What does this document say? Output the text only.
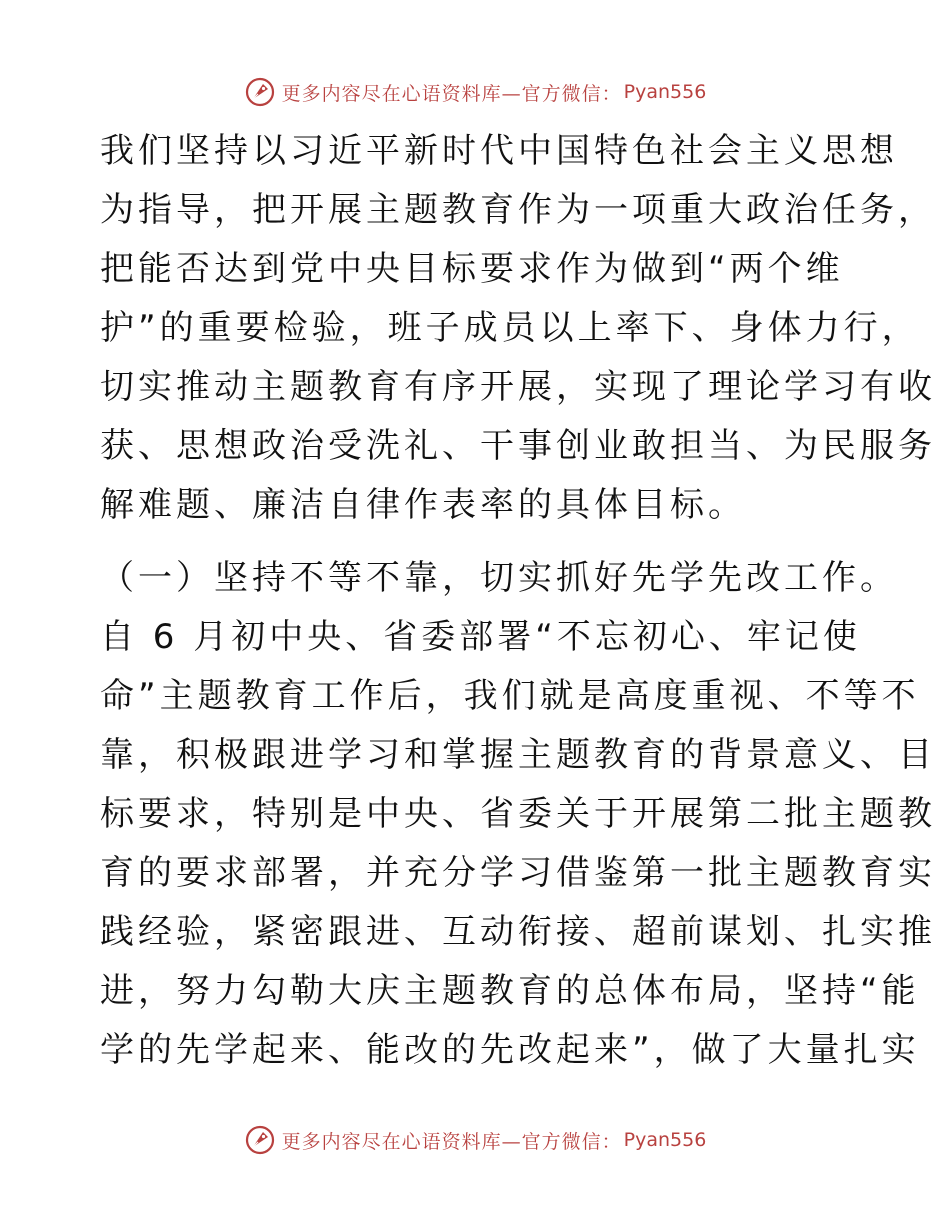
更多内容尽在心语资料库—官方微信： Pyan556
我们坚持以习近平新时代中国特色社会主义思想
为指导，把开展主题教育作为一项重大政治任务，
把能否达到党中央目标要求作为做到“两个维
护”的重要检验，班子成员以上率下、身体力行，
切实推动主题教育有序开展，实现了理论学习有收
获、思想政治受洗礼、干事创业敢担当、为民服务
解难题、廉洁自律作表率的具体目标。
（一）坚持不等不靠，切实抓好先学先改工作。
自 6 月初中央、省委部署“不忘初心、牢记使
命”主题教育工作后，我们就是高度重视、不等不
靠，积极跟进学习和掌握主题教育的背景意义、目
标要求，特别是中央、省委关于开展第二批主题教
育的要求部署，并充分学习借鉴第一批主题教育实
践经验，紧密跟进、互动衔接、超前谋划、扎实推
进，努力勾勒大庆主题教育的总体布局，坚持“能
学的先学起来、能改的先改起来”，做了大量扎实
更多内容尽在心语资料库—官方微信： Pyan556
